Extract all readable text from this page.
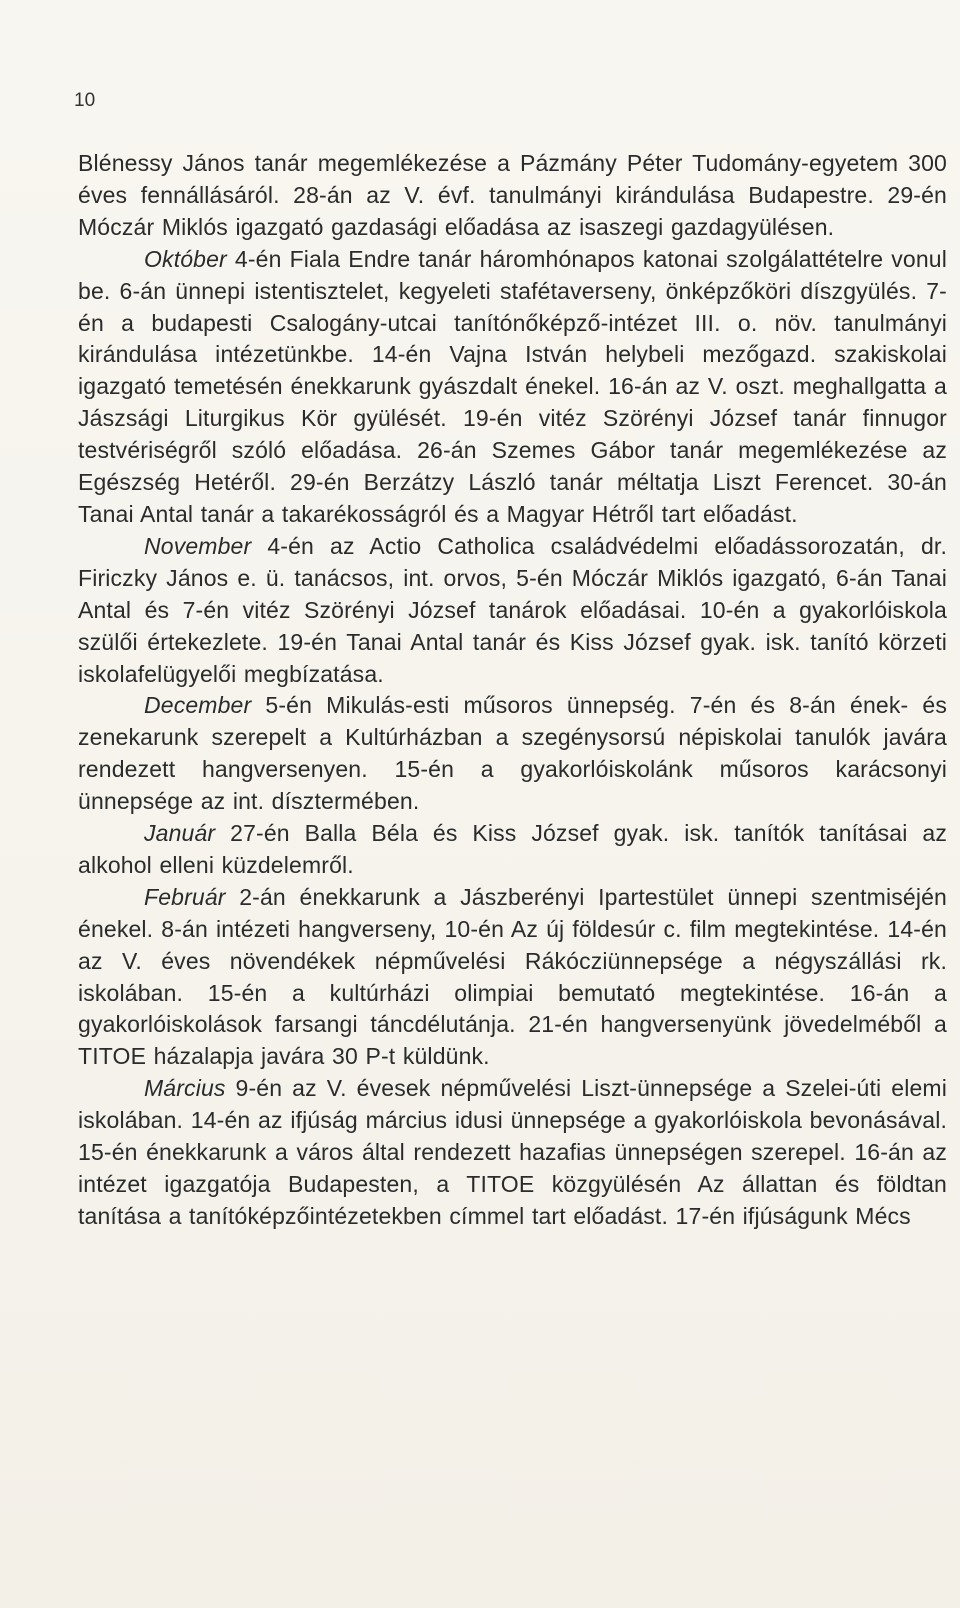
10

Blénessy János tanár megemlékezése a Pázmány Péter Tudomány-egyetem 300 éves fennállásáról. 28-án az V. évf. tanulmányi kirándulása Budapestre. 29-én Móczár Miklós igazgató gazdasági előadása az isaszegi gazdagyülésen.

Október 4-én Fiala Endre tanár háromhónapos katonai szolgálattételre vonul be. 6-án ünnepi istentisztelet, kegyeleti stafétaverseny, önképzőköri díszgyülés. 7-én a budapesti Csalogány-utcai tanítónőképző-intézet III. o. növ. tanulmányi kirándulása intézetünkbe. 14-én Vajna István helybeli mezőgazd. szakiskolai igazgató temetésén énekkarunk gyászdalt énekel. 16-án az V. oszt. meghallgatta a Jászsági Liturgikus Kör gyülését. 19-én vitéz Szörényi József tanár finnugor testvériségről szóló előadása. 26-án Szemes Gábor tanár megemlékezése az Egészség Hetéről. 29-én Berzátzy László tanár méltatja Liszt Ferencet. 30-án Tanai Antal tanár a takarékosságról és a Magyar Hétről tart előadást.

November 4-én az Actio Catholica családvédelmi előadássorozatán, dr. Firiczky János e. ü. tanácsos, int. orvos, 5-én Móczár Miklós igazgató, 6-án Tanai Antal és 7-én vitéz Szörényi József tanárok előadásai. 10-én a gyakorlóiskola szülői értekezlete. 19-én Tanai Antal tanár és Kiss József gyak. isk. tanító körzeti iskolafelügyelői megbízatása.

December 5-én Mikulás-esti műsoros ünnepség. 7-én és 8-án ének- és zenekarunk szerepelt a Kultúrházban a szegénysorsú népiskolai tanulók javára rendezett hangversenyen. 15-én a gyakorlóiskolánk műsoros karácsonyi ünnepsége az int. dísztermében.

Január 27-én Balla Béla és Kiss József gyak. isk. tanítók tanításai az alkohol elleni küzdelemről.

Február 2-án énekkarunk a Jászberényi Ipartestület ünnepi szentmiséjén énekel. 8-án intézeti hangverseny, 10-én Az új földesúr c. film megtekintése. 14-én az V. éves növendékek népművelési Rákócziünnepsége a négyszállási rk. iskolában. 15-én a kultúrházi olimpiai bemutató megtekintése. 16-án a gyakorlóiskolások farsangi táncdélutánja. 21-én hangversenyünk jövedelméből a TITOE házalapja javára 30 P-t küldünk.

Március 9-én az V. évesek népművelési Liszt-ünnepsége a Szelei-úti elemi iskolában. 14-én az ifjúság március idusi ünnepsége a gyakorlóiskola bevonásával. 15-én énekkarunk a város által rendezett hazafias ünnepségen szerepel. 16-án az intézet igazgatója Budapesten, a TITOE közgyülésén Az állattan és földtan tanítása a tanítóképzőintézetekben címmel tart előadást. 17-én ifjúságunk Mécs
